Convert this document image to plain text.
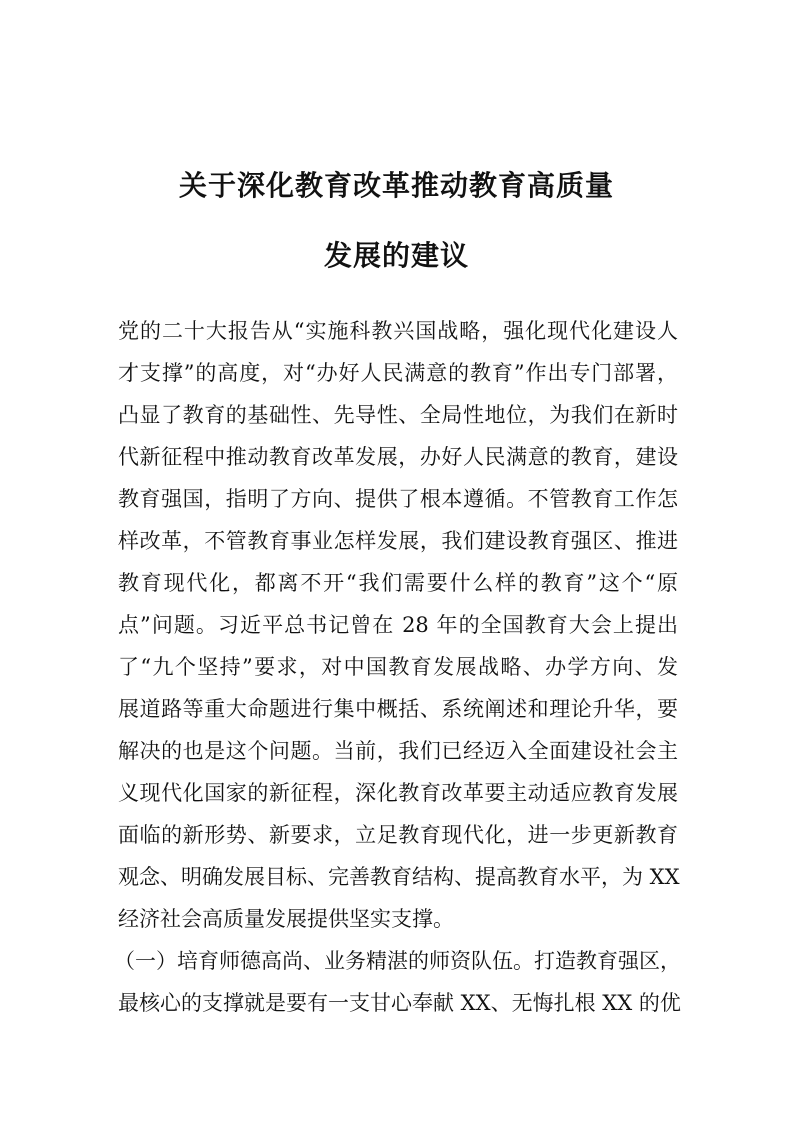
关于深化教育改革推动教育高质量
发展的建议
党的二十大报告从“实施科教兴国战略，强化现代化建设人
才支撑”的高度，对“办好人民满意的教育”作出专门部署，
凸显了教育的基础性、先导性、全局性地位，为我们在新时
代新征程中推动教育改革发展，办好人民满意的教育，建设
教育强国，指明了方向、提供了根本遵循。不管教育工作怎
样改革，不管教育事业怎样发展，我们建设教育强区、推进
教育现代化，都离不开“我们需要什么样的教育”这个“原
点”问题。习近平总书记曾在 28 年的全国教育大会上提出
了“九个坚持”要求，对中国教育发展战略、办学方向、发
展道路等重大命题进行集中概括、系统阐述和理论升华，要
解决的也是这个问题。当前，我们已经迈入全面建设社会主
义现代化国家的新征程，深化教育改革要主动适应教育发展
面临的新形势、新要求，立足教育现代化，进一步更新教育
观念、明确发展目标、完善教育结构、提高教育水平，为 XX
经济社会高质量发展提供坚实支撑。
（一）培育师德高尚、业务精湛的师资队伍。打造教育强区，
最核心的支撑就是要有一支甘心奉献 XX、无悔扎根 XX 的优
